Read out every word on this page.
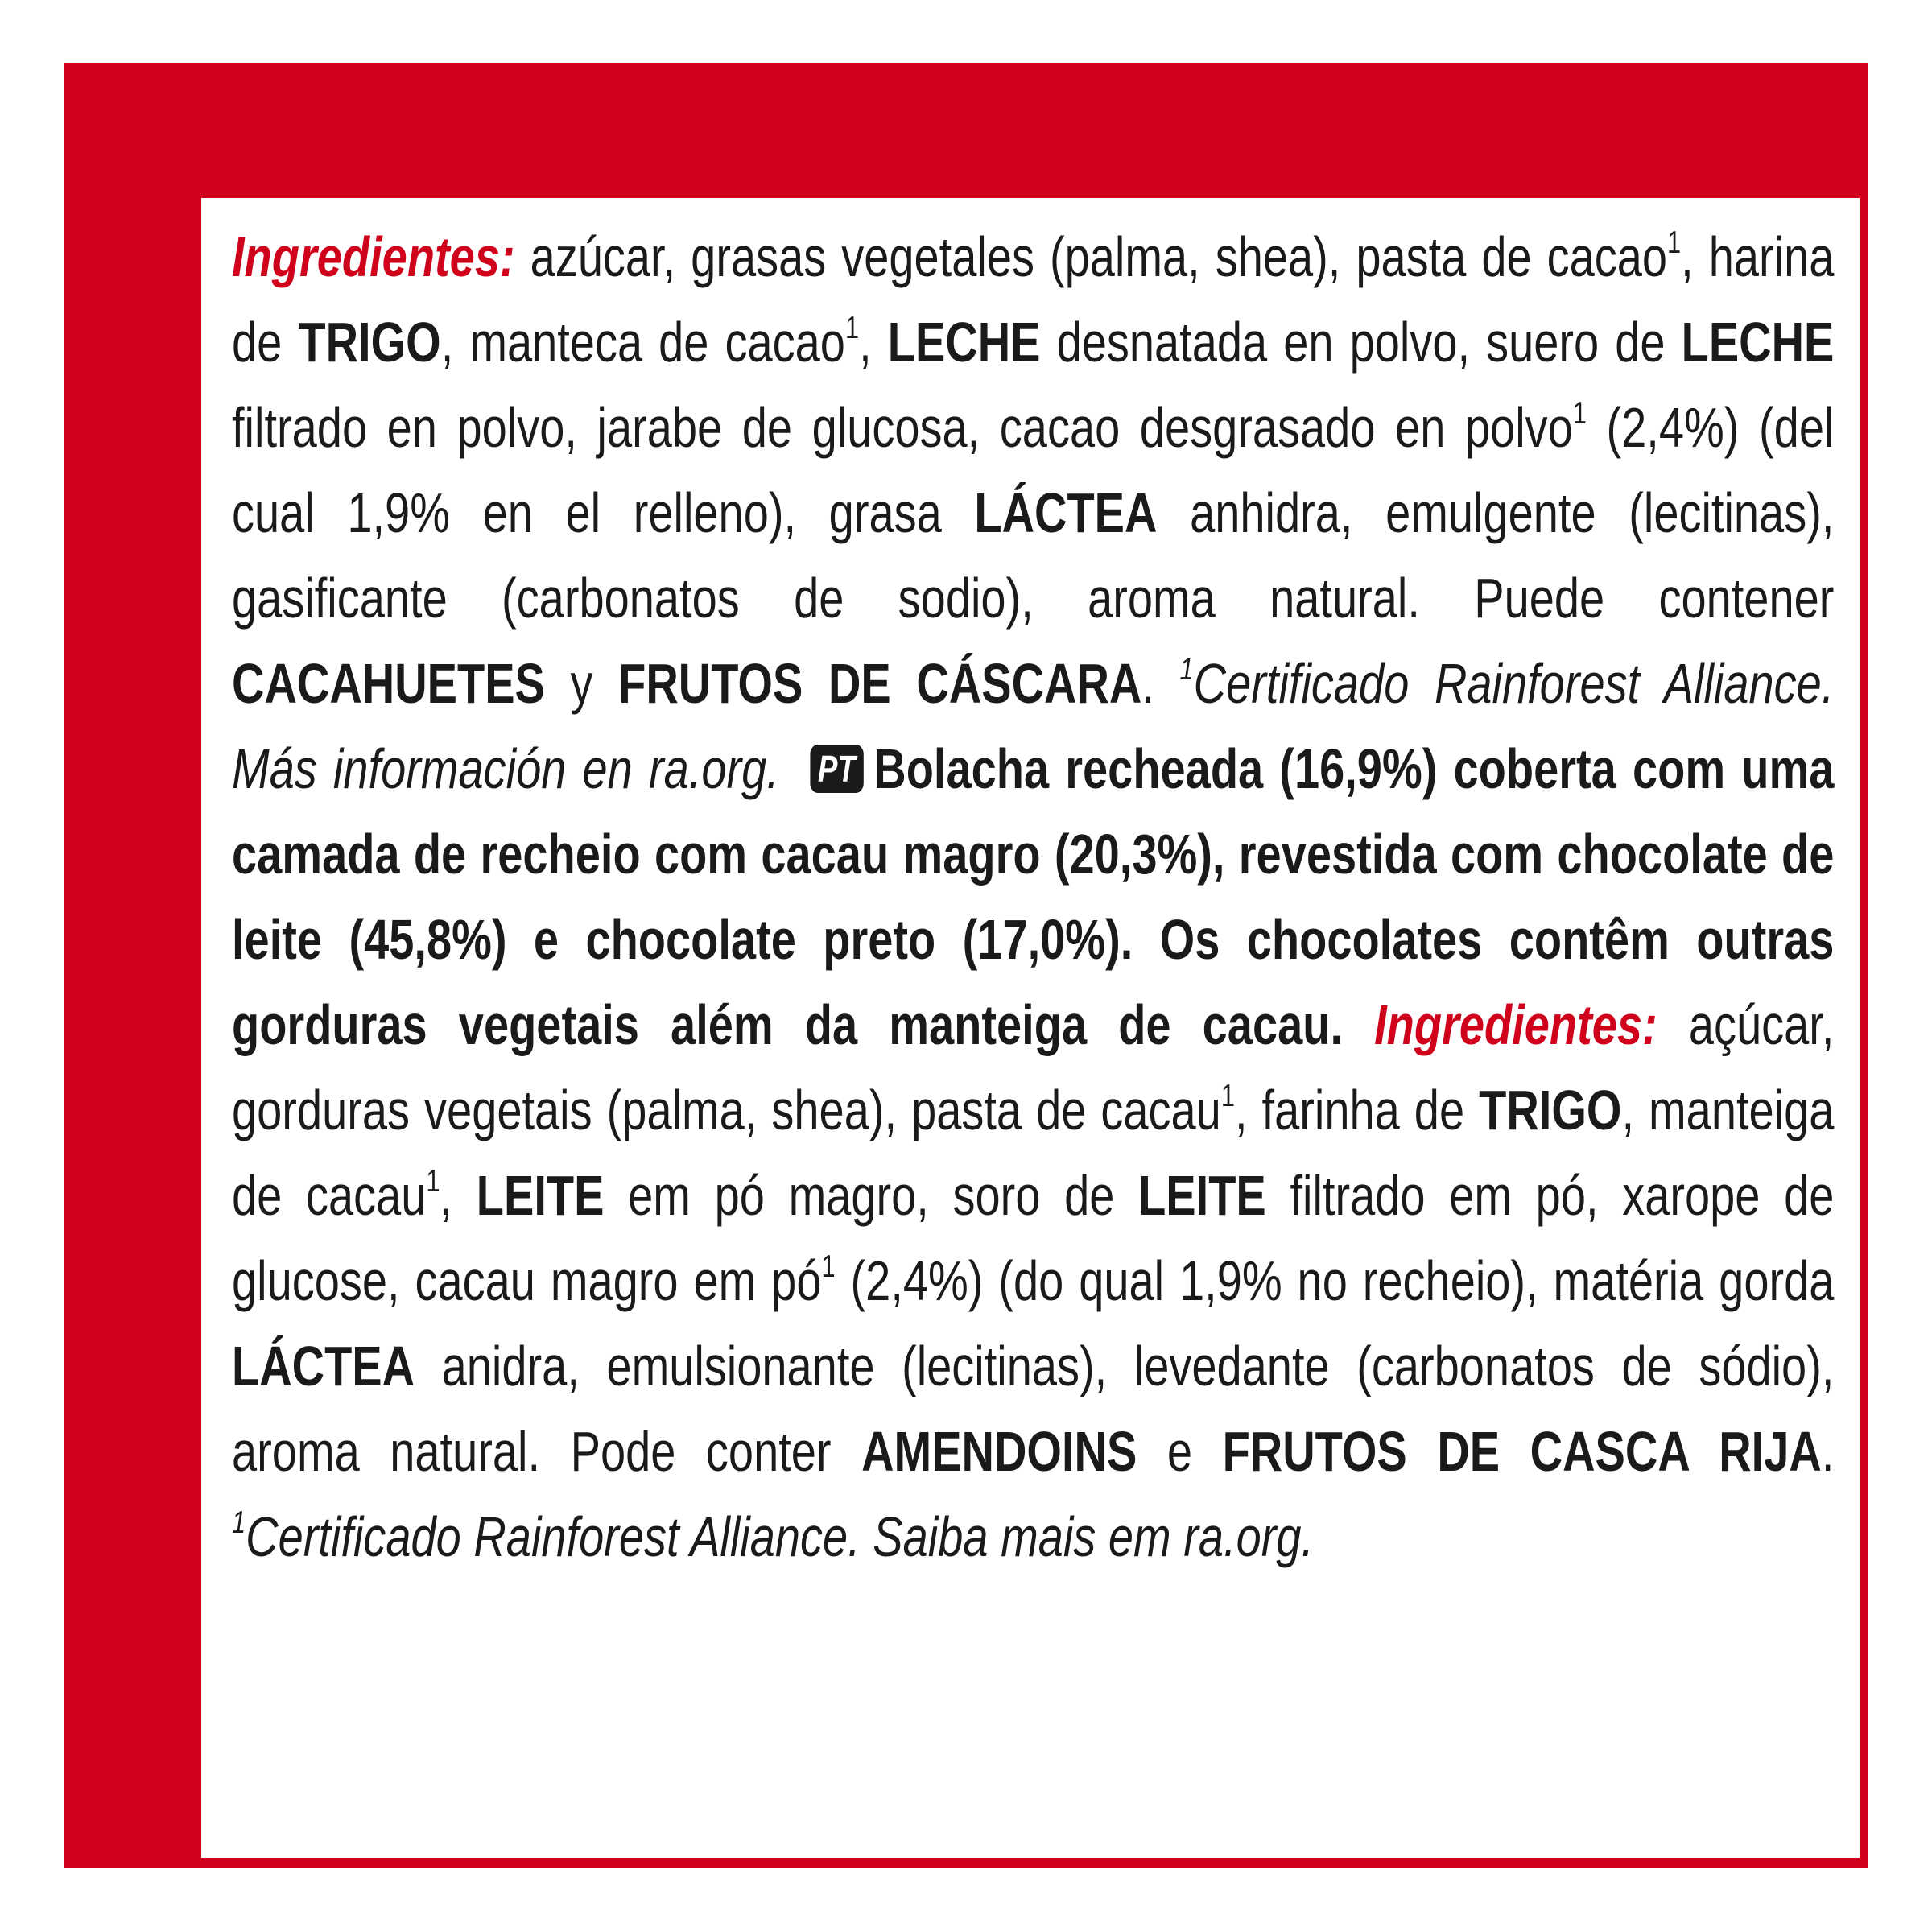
Ingredientes: azúcar, grasas vegetales (palma, shea), pasta de cacao$^1$, harina de TRIGO, manteca de cacao$^1$, LECHE desnatada en polvo, suero de LECHE filtrado en polvo, jarabe de glucosa, cacao desgrasado en polvo$^1$ (2,4%) (del cual 1,9% en el relleno), grasa LÁCTEA anhidra, emulgente (lecitinas), gasificante (carbonatos de sodio), aroma natural. Puede contener CACAHUETES y FRUTOS DE CÁSCARA. $^1$Certificado Rainforest Alliance. Más información en ra.org. PT Bolacha recheada (16,9%) coberta com uma camada de recheio com cacau magro (20,3%), revestida com chocolate de leite (45,8%) e chocolate preto (17,0%). Os chocolates contêm outras gorduras vegetais além da manteiga de cacau. Ingredientes: açúcar, gorduras vegetais (palma, shea), pasta de cacau$^1$, farinha de TRIGO, manteiga de cacau$^1$, LEITE em pó magro, soro de LEITE filtrado em pó, xarope de glucose, cacau magro em $pó^1$ (2,4%) (do qual 1,9% no recheio), matéria gorda LÁCTEA anidra, emulsionante (lecitinas), levedante (carbonatos de sódio), aroma natural. Pode conter AMENDOINS e FRUTOS DE CASCA RIJA. $^1$Certificado Rainforest Alliance. Saiba mais em ra.org.
